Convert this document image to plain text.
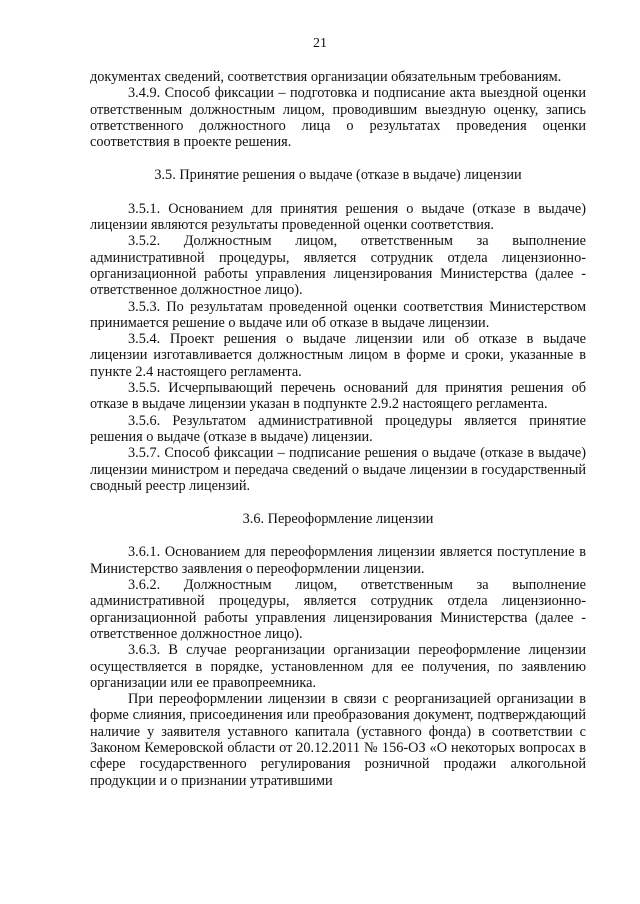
21

документах сведений, соответствия организации обязательным требованиям.

3.4.9. Способ фиксации – подготовка и подписание акта выездной оценки ответственным должностным лицом, проводившим выездную оценку, запись ответственного должностного лица о результатах проведения оценки соответствия в проекте решения.

3.5. Принятие решения о выдаче (отказе в выдаче) лицензии

3.5.1. Основанием для принятия решения о выдаче (отказе в выдаче) лицензии являются результаты проведенной оценки соответствия.

3.5.2. Должностным лицом, ответственным за выполнение административной процедуры, является сотрудник отдела лицензионно-организационной работы управления лицензирования Министерства (далее - ответственное должностное лицо).

3.5.3. По результатам проведенной оценки соответствия Министерством принимается решение о выдаче или об отказе в выдаче лицензии.

3.5.4. Проект решения о выдаче лицензии или об отказе в выдаче лицензии изготавливается должностным лицом в форме и сроки, указанные в пункте 2.4 настоящего регламента.

3.5.5. Исчерпывающий перечень оснований для принятия решения об отказе в выдаче лицензии указан в подпункте 2.9.2 настоящего регламента.

3.5.6. Результатом административной процедуры является принятие решения о выдаче (отказе в выдаче) лицензии.

3.5.7. Способ фиксации – подписание решения о выдаче (отказе в выдаче) лицензии министром и передача сведений о выдаче лицензии в государственный сводный реестр лицензий.

3.6. Переоформление лицензии

3.6.1. Основанием для переоформления лицензии является поступление в Министерство заявления о переоформлении лицензии.

3.6.2. Должностным лицом, ответственным за выполнение административной процедуры, является сотрудник отдела лицензионно-организационной работы управления лицензирования Министерства (далее - ответственное должностное лицо).

3.6.3. В случае реорганизации организации переоформление лицензии осуществляется в порядке, установленном для ее получения, по заявлению организации или ее правопреемника.

При переоформлении лицензии в связи с реорганизацией организации в форме слияния, присоединения или преобразования документ, подтверждающий наличие у заявителя уставного капитала (уставного фонда) в соответствии с Законом Кемеровской области от 20.12.2011 № 156-ОЗ «О некоторых вопросах в сфере государственного регулирования розничной продажи алкогольной продукции и о признании утратившими
